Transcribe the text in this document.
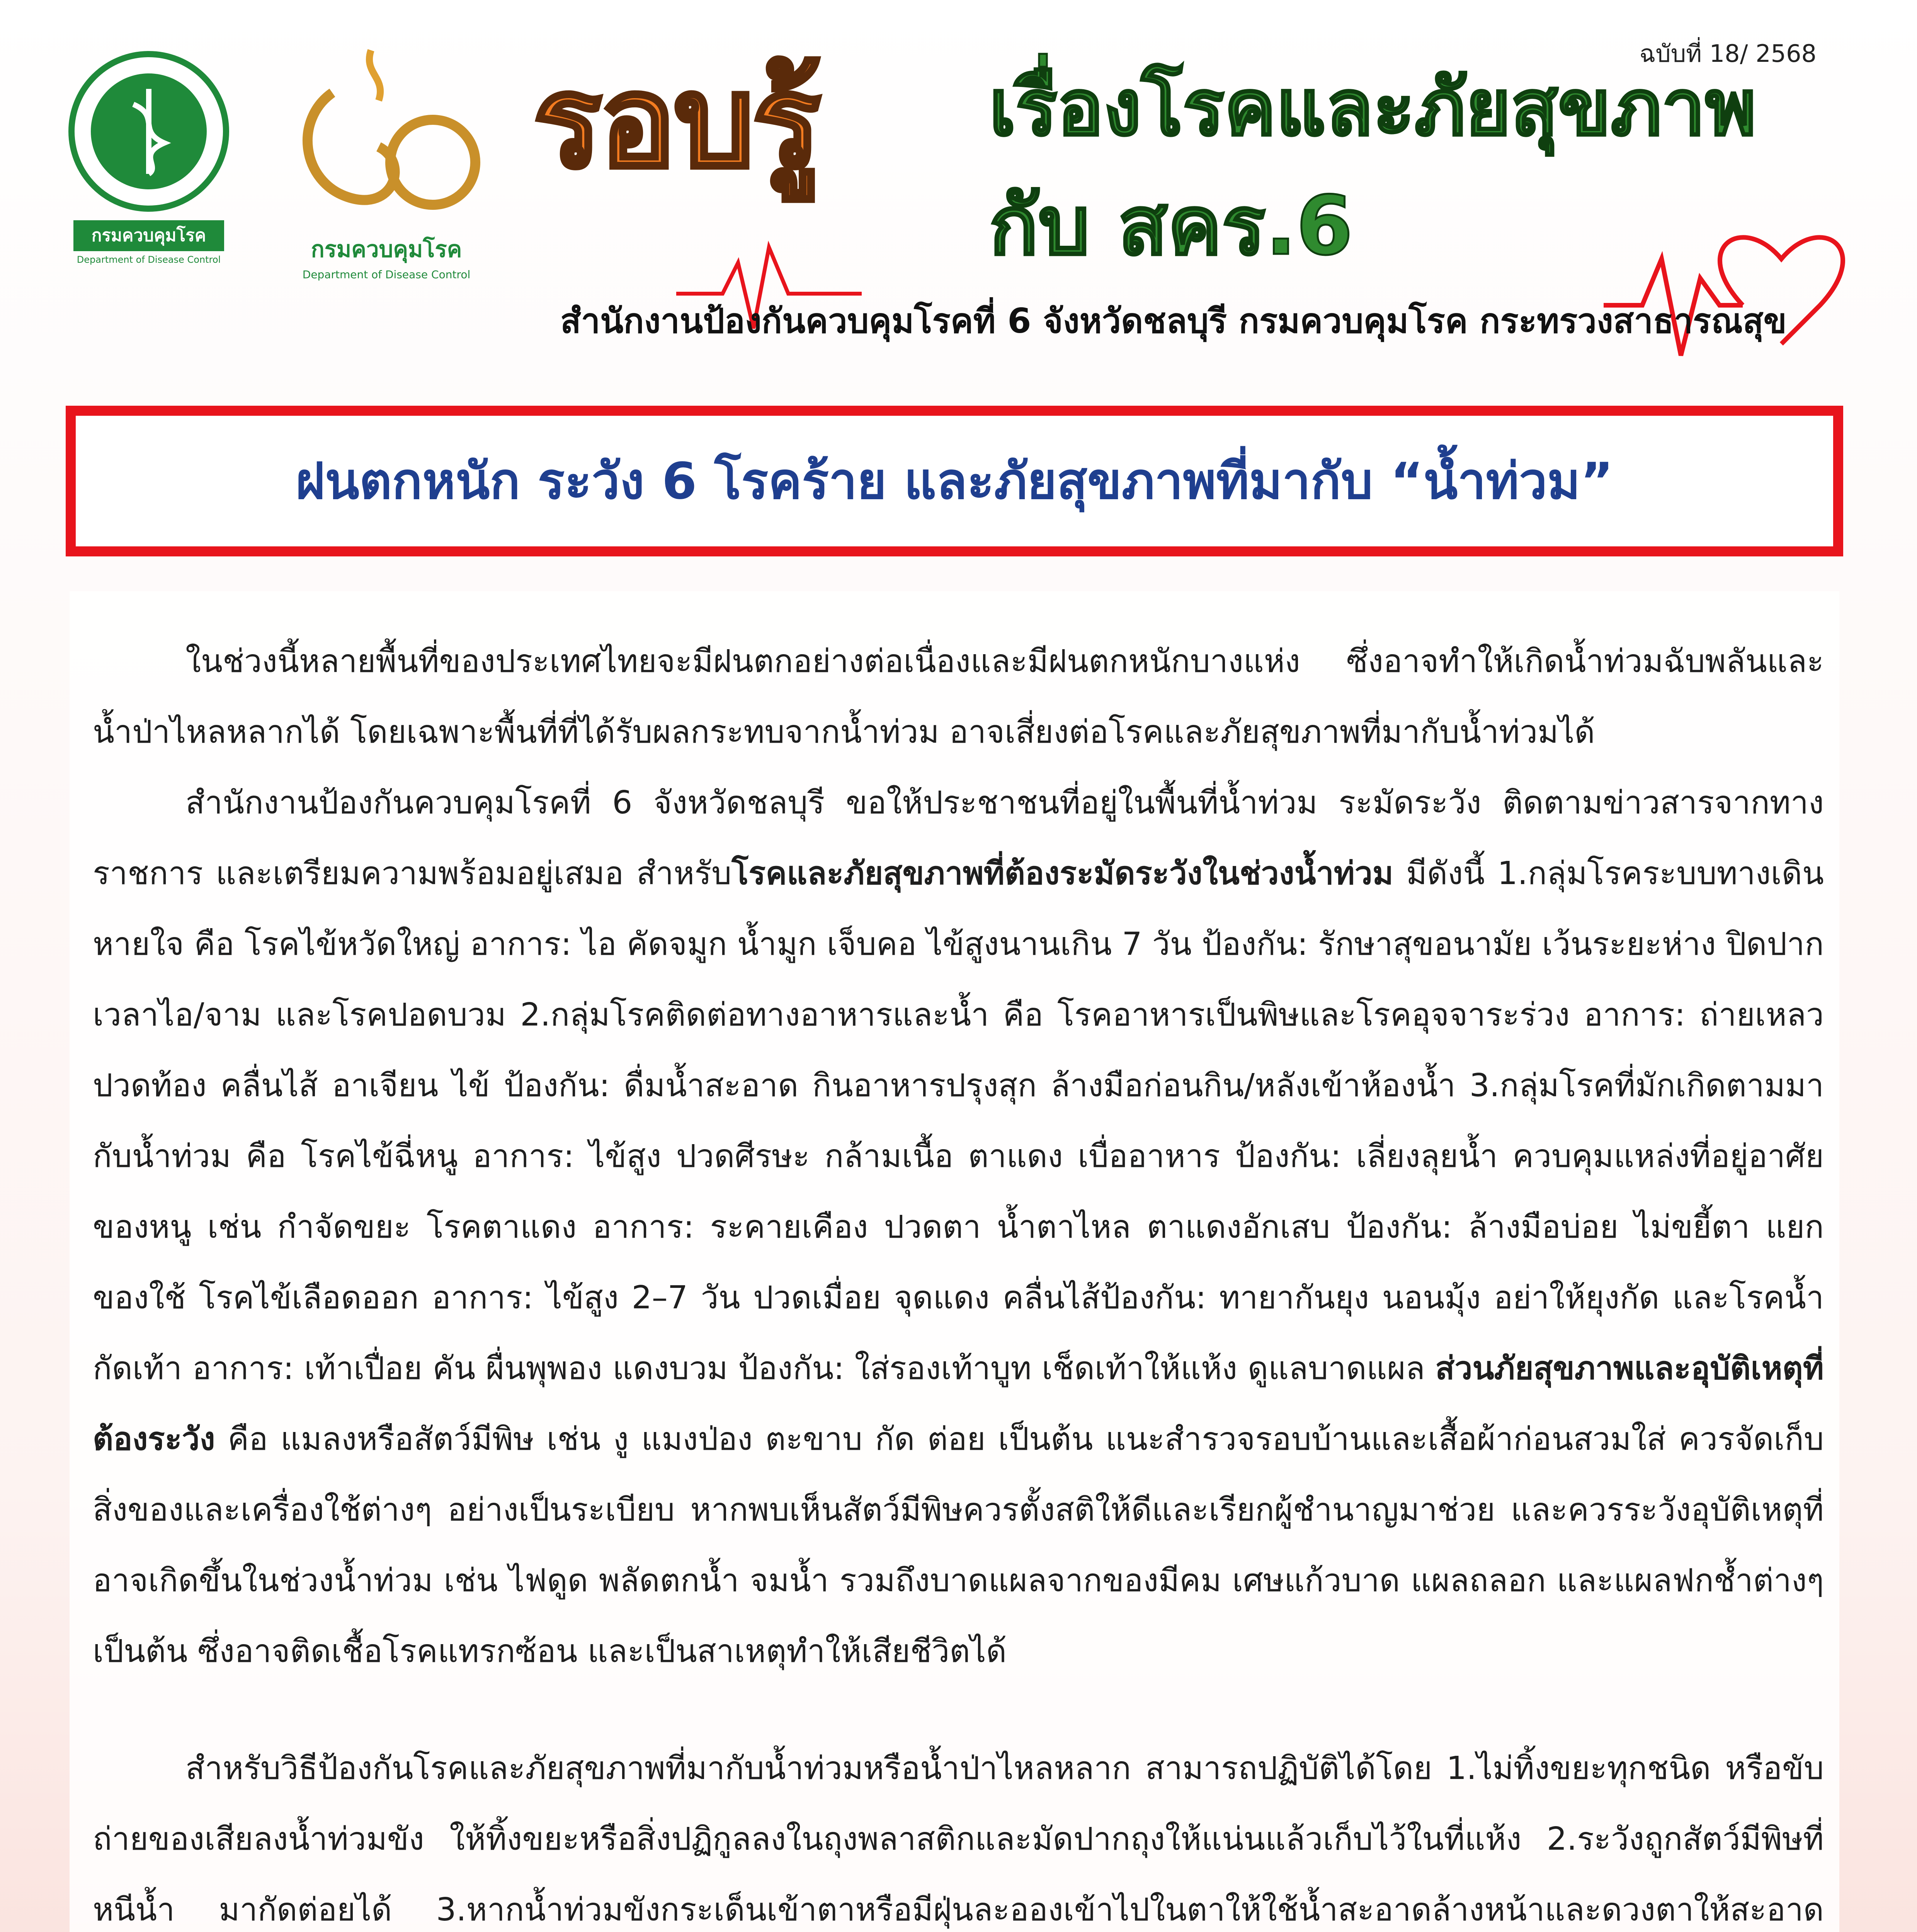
ฉบับที่ 18/ 2568
กรมควบคุมโรค
Department of Disease Control	กรมควบคุมโรค
Department of Disease Control
รอบรู้ เรื่องโรคและภัยสุขภาพ
กับ สคร.6
สำนักงานป้องกันควบคุมโรคที่ 6 จังหวัดชลบุรี กรมควบคุมโรค กระทรวงสาธารณสุข
ฝนตกหนัก ระวัง 6 โรคร้าย และภัยสุขภาพที่มากับ “น้ำท่วม”

ในช่วงนี้หลายพื้นที่ของประเทศไทยจะมีฝนตกอย่างต่อเนื่องและมีฝนตกหนักบางแห่ง ซึ่งอาจทำให้เกิดน้ำท่วมฉับพลันและน้ำป่าไหลหลากได้ โดยเฉพาะพื้นที่ที่ได้รับผลกระทบจากน้ำท่วม อาจเสี่ยงต่อโรคและภัยสุขภาพที่มากับน้ำท่วมได้

สำนักงานป้องกันควบคุมโรคที่ 6 จังหวัดชลบุรี ขอให้ประชาชนที่อยู่ในพื้นที่น้ำท่วม ระมัดระวัง ติดตามข่าวสารจากทางราชการ และเตรียมความพร้อมอยู่เสมอ สำหรับโรคและภัยสุขภาพที่ต้องระมัดระวังในช่วงน้ำท่วม มีดังนี้ 1.กลุ่มโรคระบบทางเดินหายใจ คือ โรคไข้หวัดใหญ่ อาการ: ไอ คัดจมูก น้ำมูก เจ็บคอ ไข้สูงนานเกิน 7 วัน ป้องกัน: รักษาสุขอนามัย เว้นระยะห่าง ปิดปากเวลาไอ/จาม และโรคปอดบวม 2.กลุ่มโรคติดต่อทางอาหารและน้ำ คือ โรคอาหารเป็นพิษและโรคอุจจาระร่วง อาการ: ถ่ายเหลว ปวดท้อง คลื่นไส้ อาเจียน ไข้ ป้องกัน: ดื่มน้ำสะอาด กินอาหารปรุงสุก ล้างมือก่อนกิน/หลังเข้าห้องน้ำ 3.กลุ่มโรคที่มักเกิดตามมากับน้ำท่วม คือ โรคไข้ฉี่หนู อาการ: ไข้สูง ปวดศีรษะ กล้ามเนื้อ ตาแดง เบื่ออาหาร ป้องกัน: เลี่ยงลุยน้ำ ควบคุมแหล่งที่อยู่อาศัยของหนู เช่น กำจัดขยะ โรคตาแดง อาการ: ระคายเคือง ปวดตา น้ำตาไหล ตาแดงอักเสบ ป้องกัน: ล้างมือบ่อย ไม่ขยี้ตา แยกของใช้ โรคไข้เลือดออก อาการ: ไข้สูง 2–7 วัน ปวดเมื่อย จุดแดง คลื่นไส้ป้องกัน: ทายากันยุง นอนมุ้ง อย่าให้ยุงกัด และโรคน้ำกัดเท้า อาการ: เท้าเปื่อย คัน ผื่นพุพอง แดงบวม ป้องกัน: ใส่รองเท้าบูท เช็ดเท้าให้แห้ง ดูแลบาดแผล ส่วนภัยสุขภาพและอุบัติเหตุที่ต้องระวัง คือ แมลงหรือสัตว์มีพิษ เช่น งู แมงป่อง ตะขาบ กัด ต่อย เป็นต้น แนะสำรวจรอบบ้านและเสื้อผ้าก่อนสวมใส่ ควรจัดเก็บสิ่งของและเครื่องใช้ต่างๆ อย่างเป็นระเบียบ หากพบเห็นสัตว์มีพิษควรตั้งสติให้ดีและเรียกผู้ชำนาญมาช่วย และควรระวังอุบัติเหตุที่อาจเกิดขึ้นในช่วงน้ำท่วม เช่น ไฟดูด พลัดตกน้ำ จมน้ำ รวมถึงบาดแผลจากของมีคม เศษแก้วบาด แผลถลอก และแผลฟกช้ำต่างๆ เป็นต้น ซึ่งอาจติดเชื้อโรคแทรกซ้อน และเป็นสาเหตุทำให้เสียชีวิตได้

สำหรับวิธีป้องกันโรคและภัยสุขภาพที่มากับน้ำท่วมหรือน้ำป่าไหลหลาก สามารถปฏิบัติได้โดย 1.ไม่ทิ้งขยะทุกชนิด หรือขับถ่ายของเสียลงน้ำท่วมขัง ให้ทิ้งขยะหรือสิ่งปฏิกูลลงในถุงพลาสติกและมัดปากถุงให้แน่นแล้วเก็บไว้ในที่แห้ง 2.ระวังถูกสัตว์มีพิษที่หนีน้ำ มากัดต่อยได้ 3.หากน้ำท่วมขังกระเด็นเข้าตาหรือมีฝุ่นละอองเข้าไปในตาให้ใช้น้ำสะอาดล้างหน้าและดวงตาให้สะอาด
